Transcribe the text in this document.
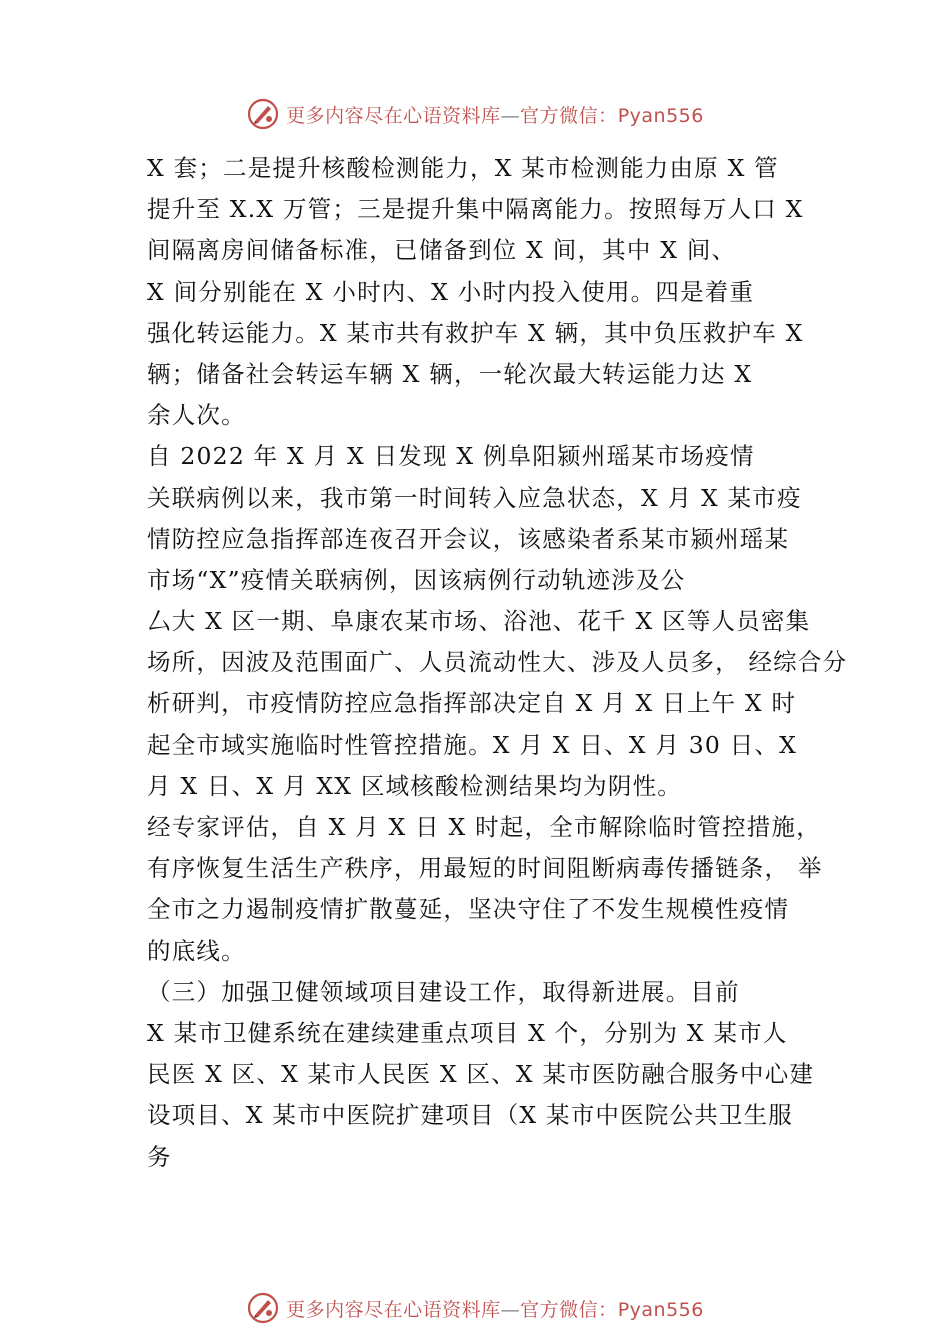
更多内容尽在心语资料库—官方微信：Pyan556
X 套；二是提升核酸检测能力，X 某市检测能力由原 X 管
提升至 X.X 万管；三是提升集中隔离能力。按照每万人口 X
间隔离房间储备标准，已储备到位 X 间，其中 X 间、
X 间分别能在 X 小时内、X 小时内投入使用。四是着重
强化转运能力。X 某市共有救护车 X 辆，其中负压救护车 X
辆；储备社会转运车辆 X 辆，一轮次最大转运能力达 X
余人次。
自 2022 年 X 月 X 日发现 X 例阜阳颍州瑶某市场疫情
关联病例以来，我市第一时间转入应急状态，X 月 X 某市疫
情防控应急指挥部连夜召开会议，该感染者系某市颍州瑶某
市场“X”疫情关联病例，因该病例行动轨迹涉及公
厶大 X 区一期、阜康农某市场、浴池、花千 X 区等人员密集
场所，因波及范围面广、人员流动性大、涉及人员多， 经综合分
析研判，市疫情防控应急指挥部决定自 X 月 X 日上午 X 时
起全市域实施临时性管控措施。X 月 X 日、X 月 30 日、X
月 X 日、X 月 XX 区域核酸检测结果均为阴性。
经专家评估，自 X 月 X 日 X 时起，全市解除临时管控措施，
有序恢复生活生产秩序，用最短的时间阻断病毒传播链条， 举
全市之力遏制疫情扩散蔓延，坚决守住了不发生规模性疫情
的底线。
（三）加强卫健领域项目建设工作，取得新进展。目前
X 某市卫健系统在建续建重点项目 X 个，分别为 X 某市人
民医 X 区、X 某市人民医 X 区、X 某市医防融合服务中心建
设项目、X 某市中医院扩建项目（X 某市中医院公共卫生服
务
更多内容尽在心语资料库—官方微信：Pyan556
